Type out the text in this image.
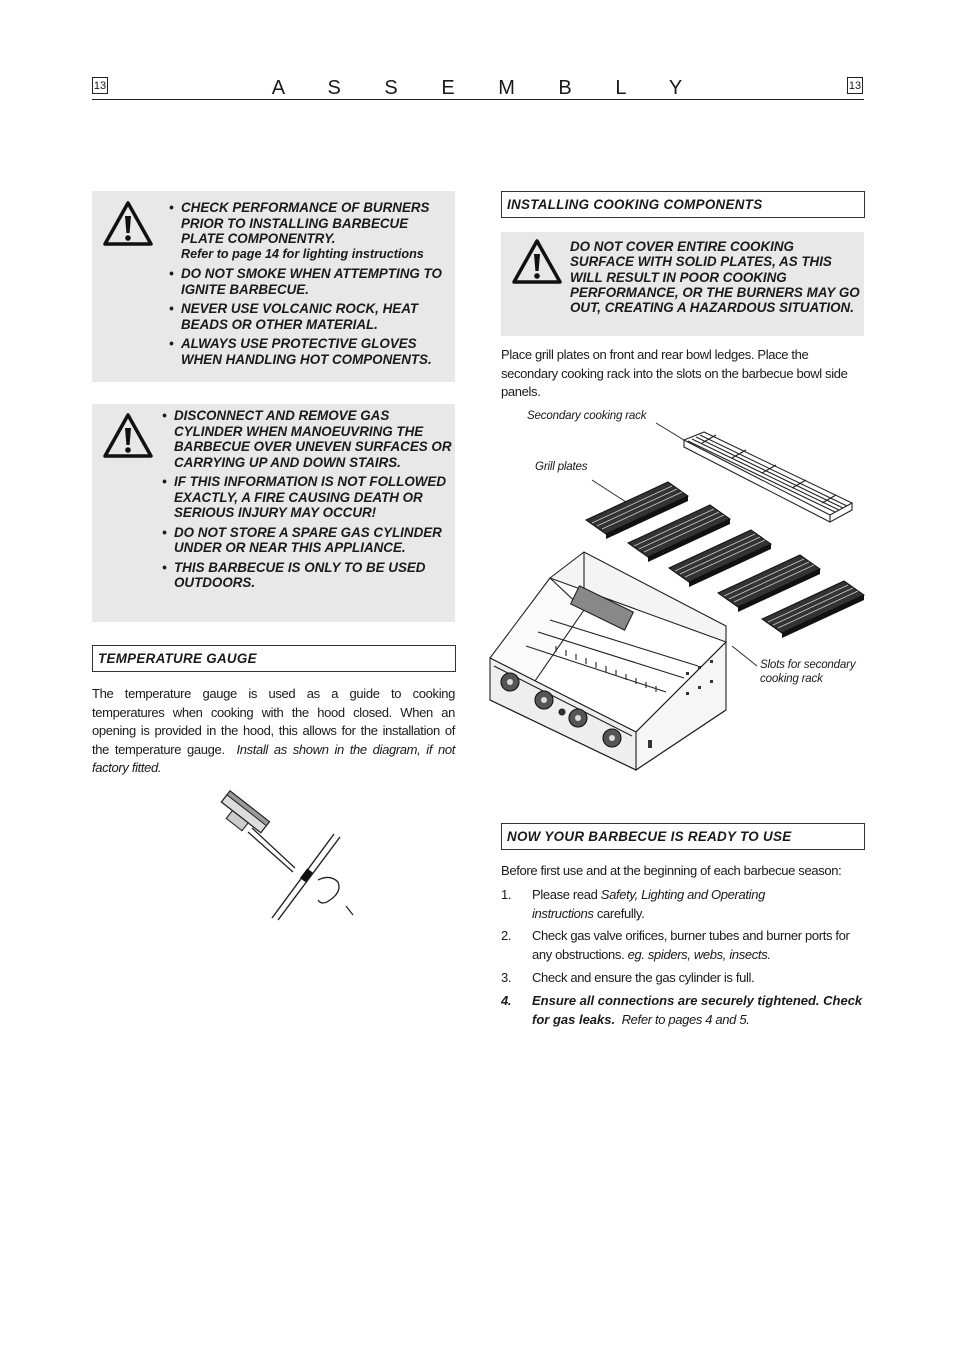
13	A S S E M B L Y	13
• CHECK PERFORMANCE OF BURNERS PRIOR TO INSTALLING BARBECUE PLATE COMPONENTRY.
Refer to page 14 for lighting instructions
• DO NOT SMOKE WHEN ATTEMPTING TO IGNITE BARBECUE.
• NEVER USE VOLCANIC ROCK, HEAT BEADS OR OTHER MATERIAL.
• ALWAYS USE PROTECTIVE GLOVES WHEN HANDLING HOT COMPONENTS.
• DISCONNECT AND REMOVE GAS CYLINDER WHEN MANOEUVRING THE BARBECUE OVER UNEVEN SURFACES OR CARRYING UP AND DOWN STAIRS.
• IF THIS INFORMATION IS NOT FOLLOWED EXACTLY, A FIRE CAUSING DEATH OR SERIOUS INJURY MAY OCCUR!
• DO NOT STORE A SPARE GAS CYLINDER UNDER OR NEAR THIS APPLIANCE.
• THIS BARBECUE IS ONLY TO BE USED OUTDOORS.
TEMPERATURE GAUGE
The temperature gauge is used as a guide to cooking temperatures when cooking with the hood closed. When an opening is provided in the hood, this allows for the installation of the temperature gauge. Install as shown in the diagram, if not factory fitted.
INSTALLING COOKING COMPONENTS
DO NOT COVER ENTIRE COOKING SURFACE WITH SOLID PLATES, AS THIS WILL RESULT IN POOR COOKING PERFORMANCE, OR THE BURNERS MAY GO OUT, CREATING A HAZARDOUS SITUATION.
Place grill plates on front and rear bowl ledges. Place the secondary cooking rack into the slots on the barbecue bowl side panels.
Secondary cooking rack
Grill plates
Slots for secondary cooking rack
NOW YOUR BARBECUE IS READY TO USE
Before first use and at the beginning of each barbecue season:
1. Please read Safety, Lighting and Operating instructions carefully.
2. Check gas valve orifices, burner tubes and burner ports for any obstructions. eg. spiders, webs, insects.
3. Check and ensure the gas cylinder is full.
4. Ensure all connections are securely tightened. Check for gas leaks. Refer to pages 4 and 5.
